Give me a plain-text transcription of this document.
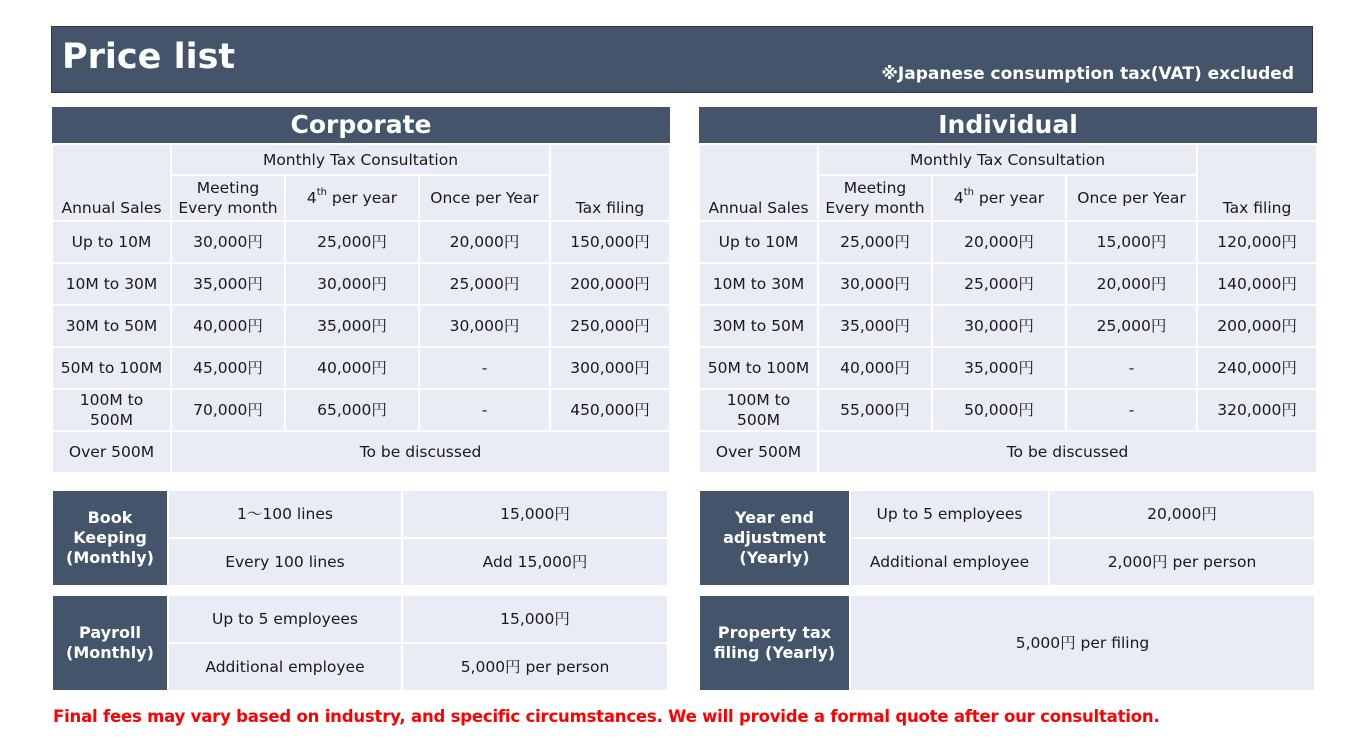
Price list	※Japanese consumption tax(VAT) excluded
Corporate				
Annual Sales	Monthly Tax Consultation			Tax filing
	Meeting Every month	4th per year	Once per Year	
Up to 10M	30,000円	25,000円	20,000円	150,000円
10M to 30M	35,000円	30,000円	25,000円	200,000円
30M to 50M	40,000円	35,000円	30,000円	250,000円
50M to 100M	45,000円	40,000円	-	300,000円
100M to 500M	70,000円	65,000円	-	450,000円
Over 500M	To be discussed			
Individual				
Annual Sales	Monthly Tax Consultation			Tax filing
	Meeting Every month	4th per year	Once per Year	
Up to 10M	25,000円	20,000円	15,000円	120,000円
10M to 30M	30,000円	25,000円	20,000円	140,000円
30M to 50M	35,000円	30,000円	25,000円	200,000円
50M to 100M	40,000円	35,000円	-	240,000円
100M to 500M	55,000円	50,000円	-	320,000円
Over 500M	To be discussed			
Book Keeping (Monthly)	1～100 lines	15,000円
	Every 100 lines	Add 15,000円
Payroll (Monthly)	Up to 5 employees	15,000円
	Additional employee	5,000円 per person
Year end adjustment (Yearly)	Up to 5 employees	20,000円
	Additional employee	2,000円 per person
Property tax filing (Yearly)	5,000円 per filing
Final fees may vary based on industry, and specific circumstances. We will provide a formal quote after our consultation.
